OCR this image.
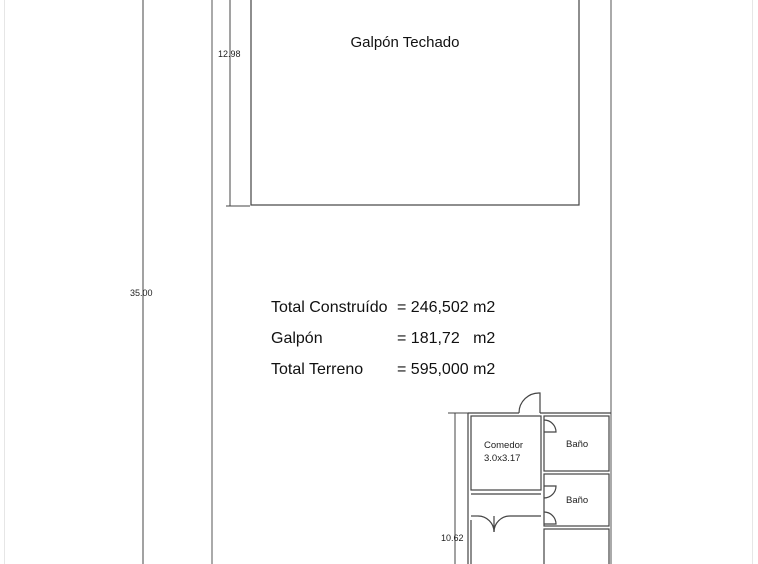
35.00
12.98
Galpón Techado
Total Construído = 246,502 m2
Galpón	= 181,72   m2
Total Terreno = 595,000 m2
10.62
Comedor
3.0x3.17
Baño
Baño
